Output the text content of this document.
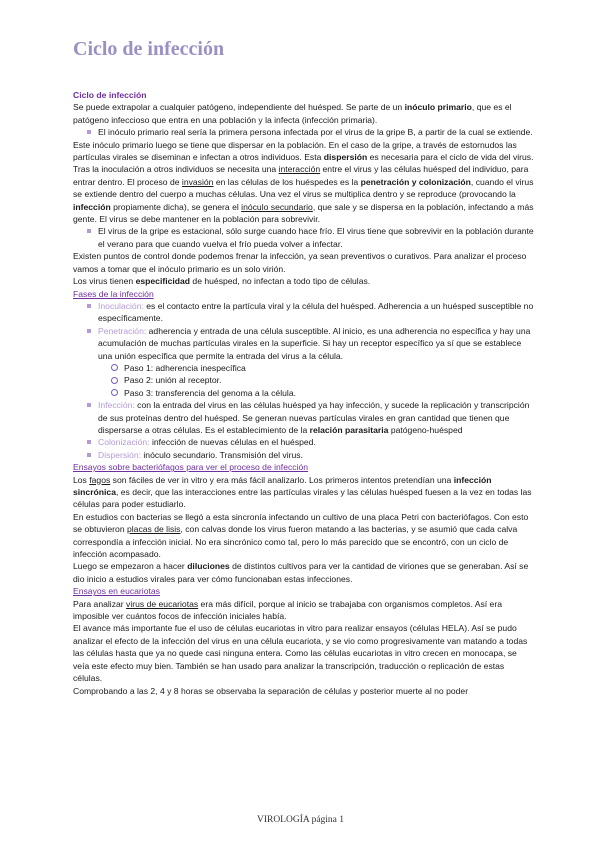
Ciclo de infección

Ciclo de infección

Se puede extrapolar a cualquier patógeno, independiente del huésped. Se parte de un inóculo primario, que es el patógeno infeccioso que entra en una población y la infecta (infección primaria).

El inóculo primario real sería la primera persona infectada por el virus de la gripe B, a partir de la cual se extiende.

Este inóculo primario luego se tiene que dispersar en la población. En el caso de la gripe, a través de estornudos las partículas virales se diseminan e infectan a otros individuos. Esta dispersión es necesaria para el ciclo de vida del virus.

Tras la inoculación a otros individuos se necesita una interacción entre el virus y las células huésped del individuo, para entrar dentro. El proceso de invasión en las células de los huéspedes es la penetración y colonización, cuando el virus se extiende dentro del cuerpo a muchas células. Una vez el virus se multiplica dentro y se reproduce (provocando la infección propiamente dicha), se genera el inóculo secundario, que sale y se dispersa en la población, infectando a más gente. El virus se debe mantener en la población para sobrevivir.

El virus de la gripe es estacional, sólo surge cuando hace frío. El virus tiene que sobrevivir en la población durante el verano para que cuando vuelva el frío pueda volver a infectar.

Existen puntos de control donde podemos frenar la infección, ya sean preventivos o curativos. Para analizar el proceso vamos a tomar que el inóculo primario es un solo virión.

Los virus tienen especificidad de huésped, no infectan a todo tipo de células.

Fases de la infección

Inoculación: es el contacto entre la partícula viral y la célula del huésped. Adherencia a un huésped susceptible no específicamente.
Penetración: adherencia y entrada de una célula susceptible. Al inicio, es una adherencia no específica y hay una acumulación de muchas partículas virales en la superficie. Si hay un receptor específico ya sí que se establece una unión específica que permite la entrada del virus a la célula.
Paso 1: adherencia inespecífica
Paso 2: unión al receptor.
Paso 3: transferencia del genoma a la célula.
Infección: con la entrada del virus en las células huésped ya hay infección, y sucede la replicación y transcripción de sus proteínas dentro del huésped. Se generan nuevas partículas virales en gran cantidad que tienen que dispersarse a otras células. Es el establecimiento de la relación parasitaria patógeno-huésped
Colonización: infección de nuevas células en el huésped.
Dispersión: inóculo secundario. Transmisión del virus.

Ensayos sobre bacteriófagos para ver el proceso de infección

Los fagos son fáciles de ver in vitro y era más fácil analizarlo. Los primeros intentos pretendían una infección sincrónica, es decir, que las interacciones entre las partículas virales y las células huésped fuesen a la vez en todas las células para poder estudiarlo.

En estudios con bacterias se llegó a esta sincronía infectando un cultivo de una placa Petri con bacteriófagos. Con esto se obtuvieron placas de lisis, con calvas donde los virus fueron matando a las bacterias, y se asumió que cada calva correspondía a infección inicial. No era sincrónico como tal, pero lo más parecido que se encontró, con un ciclo de infección acompasado.

Luego se empezaron a hacer diluciones de distintos cultivos para ver la cantidad de viriones que se generaban. Así se dio inicio a estudios virales para ver cómo funcionaban estas infecciones.

Ensayos en eucariotas

Para analizar virus de eucariotas era más difícil, porque al inicio se trabajaba con organismos completos. Así era imposible ver cuántos focos de infección iniciales había.

El avance más importante fue el uso de células eucariotas in vitro para realizar ensayos (células HELA). Así se pudo analizar el efecto de la infección del virus en una célula eucariota, y se vio como progresivamente van matando a todas las células hasta que ya no quede casi ninguna entera. Como las células eucariotas in vitro crecen en monocapa, se veía este efecto muy bien. También se han usado para analizar la transcripción, traducción o replicación de estas células.

Comprobando a las 2, 4 y 8 horas se observaba la separación de células y posterior muerte al no poder

VIROLOGÍA página 1
